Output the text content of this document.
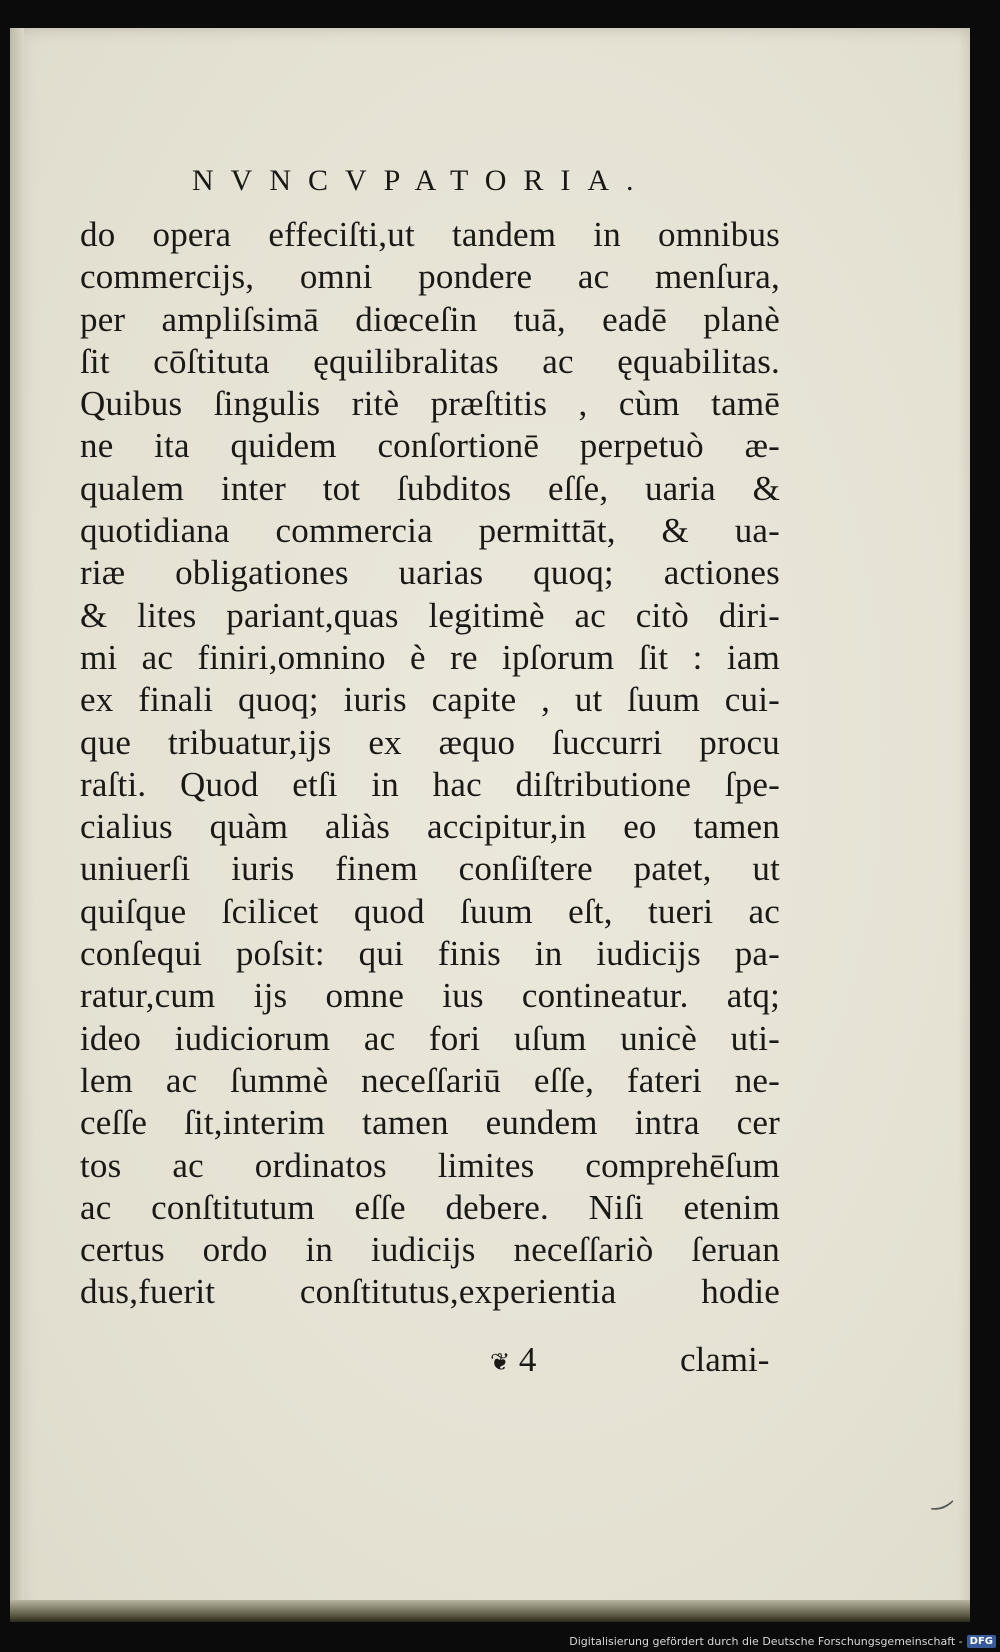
NVNCVPATORIA.
do opera effeciſti,ut tandem in omnibus
commercijs, omni pondere ac menſura,
per ampliſsimā diœceſin tuā, eadē planè
ſit cōſtituta ęquilibralitas ac ęquabilitas.
Quibus ſingulis ritè præſtitis , cùm tamē
ne ita quidem conſortionē perpetuò æ-
qualem inter tot ſubditos eſſe, uaria &
quotidiana commercia permittāt, & ua-
riæ obligationes uarias quoq; actiones
& lites pariant,quas legitimè ac citò diri-
mi ac finiri,omnino è re ipſorum ſit : iam
ex finali quoq; iuris capite , ut ſuum cui-
que tribuatur,ijs ex æquo ſuccurri procu
raſti. Quod etſi in hac diſtributione ſpe-
cialius quàm aliàs accipitur,in eo tamen
uniuerſi iuris finem conſiſtere patet, ut
quiſque ſcilicet quod ſuum eſt, tueri ac
conſequi poſsit: qui finis in iudicijs pa-
ratur,cum ijs omne ius contineatur. atq;
ideo iudiciorum ac fori uſum unicè uti-
lem ac ſummè neceſſariū eſſe, fateri ne-
ceſſe ſit,interim tamen eundem intra cer
tos ac ordinatos limites comprehēſum
ac conſtitutum eſſe debere. Niſi etenim
certus ordo in iudicijs neceſſariò ſeruan
dus,fuerit conſtitutus,experientia hodie
❦ 4	clami-
‿
Digitalisierung gefördert durch die Deutsche Forschungsgemeinschaft - DFG
